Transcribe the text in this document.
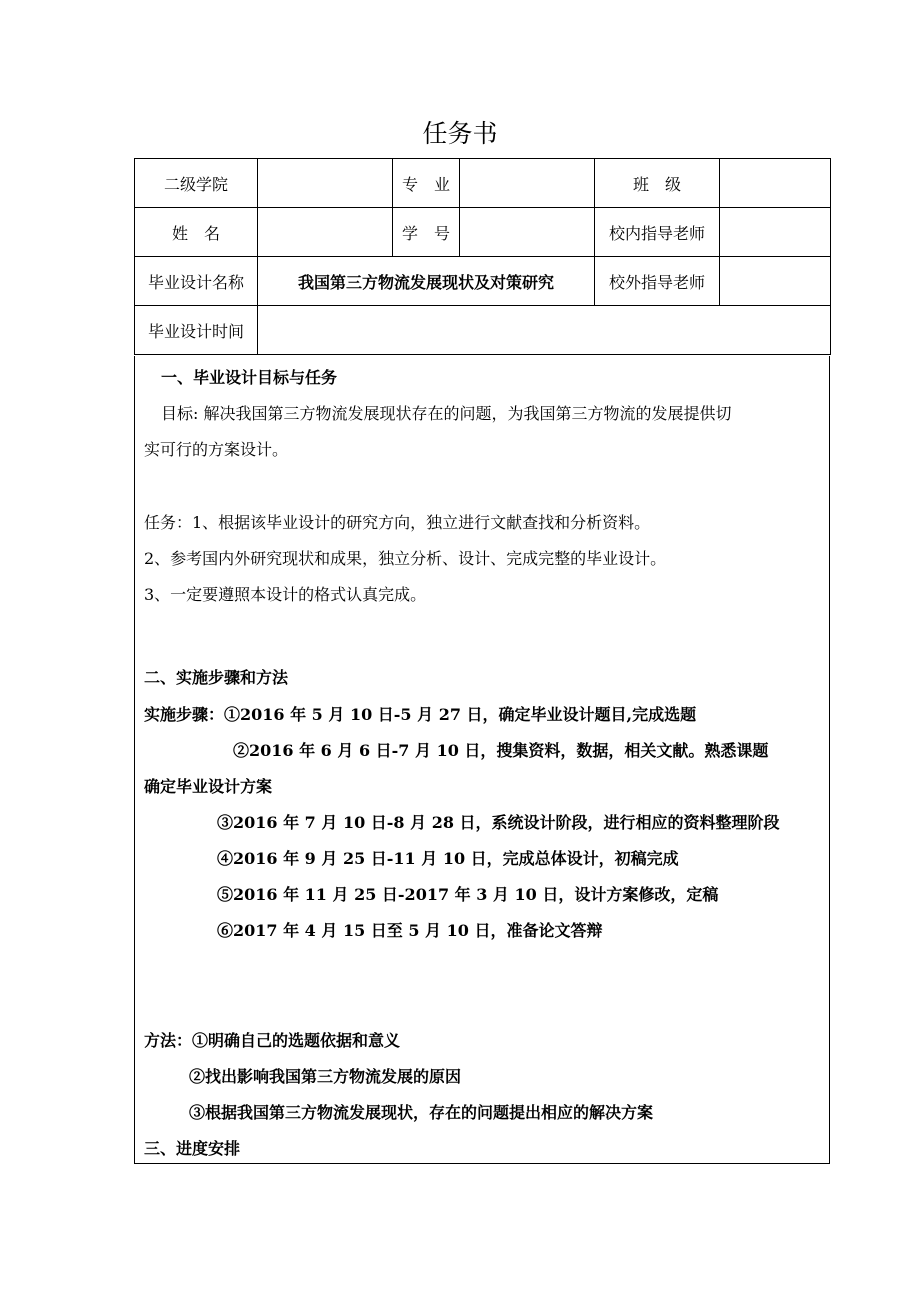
任务书
二级学院		专　业		班　级	
姓　名		学　号		校内指导老师	
毕业设计名称	我国第三方物流发展现状及对策研究			校外指导老师	
毕业设计时间					
一、毕业设计目标与任务
目标: 解决我国第三方物流发展现状存在的问题，为我国第三方物流的发展提供切
实可行的方案设计。
任务：1、根据该毕业设计的研究方向，独立进行文献查找和分析资料。
2、参考国内外研究现状和成果，独立分析、设计、完成完整的毕业设计。
3、一定要遵照本设计的格式认真完成。
二、实施步骤和方法
实施步骤：①2016 年 5 月 10 日-5 月 27 日，确定毕业设计题目,完成选题
②2016 年 6 月 6 日-7 月 10 日，搜集资料，数据，相关文献。熟悉课题
确定毕业设计方案
③2016 年 7 月 10 日-8 月 28 日，系统设计阶段，进行相应的资料整理阶段
④2016 年 9 月 25 日-11 月 10 日，完成总体设计，初稿完成
⑤2016 年 11 月 25 日-2017 年 3 月 10 日，设计方案修改，定稿
⑥2017 年 4 月 15 日至 5 月 10 日，准备论文答辩
方法：①明确自己的选题依据和意义
②找出影响我国第三方物流发展的原因
③根据我国第三方物流发展现状，存在的问题提出相应的解决方案
三、进度安排
